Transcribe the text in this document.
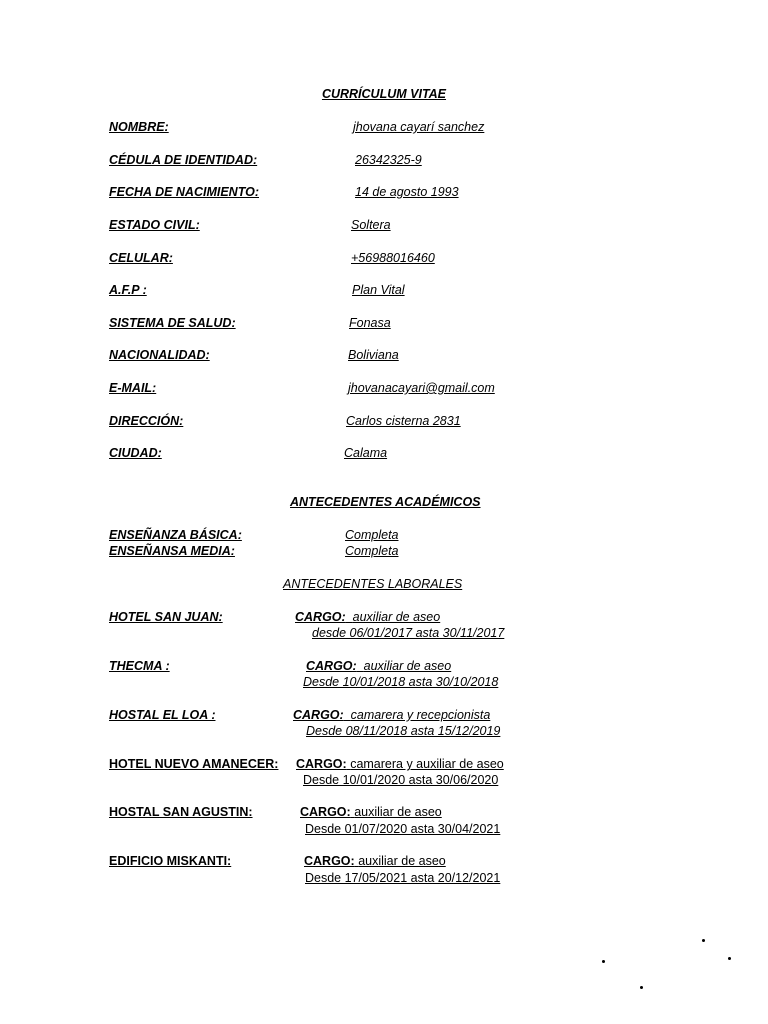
CURRÍCULUM VITAE
NOMBRE:	jhovana cayarí sanchez
CÉDULA DE IDENTIDAD:	26342325-9
FECHA DE NACIMIENTO:	14 de agosto 1993
ESTADO CIVIL:	Soltera
CELULAR:	+56988016460
A.F.P :	Plan Vital
SISTEMA DE SALUD:	Fonasa
NACIONALIDAD:	Boliviana
E-MAIL:	jhovanacayari@gmail.com
DIRECCIÓN:	Carlos cisterna 2831
CIUDAD:	Calama
ANTECEDENTES ACADÉMICOS
ENSEÑANZA BÁSICA:	Completa
ENSEÑANSA MEDIA:	Completa
ANTECEDENTES LABORALES
HOTEL SAN JUAN:	CARGO: auxiliar de aseo
desde 06/01/2017 asta 30/11/2017
THECMA :	CARGO: auxiliar de aseo
Desde 10/01/2018 asta 30/10/2018
HOSTAL EL LOA :	CARGO: camarera y recepcionista
Desde 08/11/2018 asta 15/12/2019
HOTEL NUEVO AMANECER: CARGO: camarera y auxiliar de aseo
Desde 10/01/2020 asta 30/06/2020
HOSTAL SAN AGUSTIN:	CARGO: auxiliar de aseo
Desde 01/07/2020 asta 30/04/2021
EDIFICIO MISKANTI:	CARGO: auxiliar de aseo
Desde 17/05/2021 asta 20/12/2021
